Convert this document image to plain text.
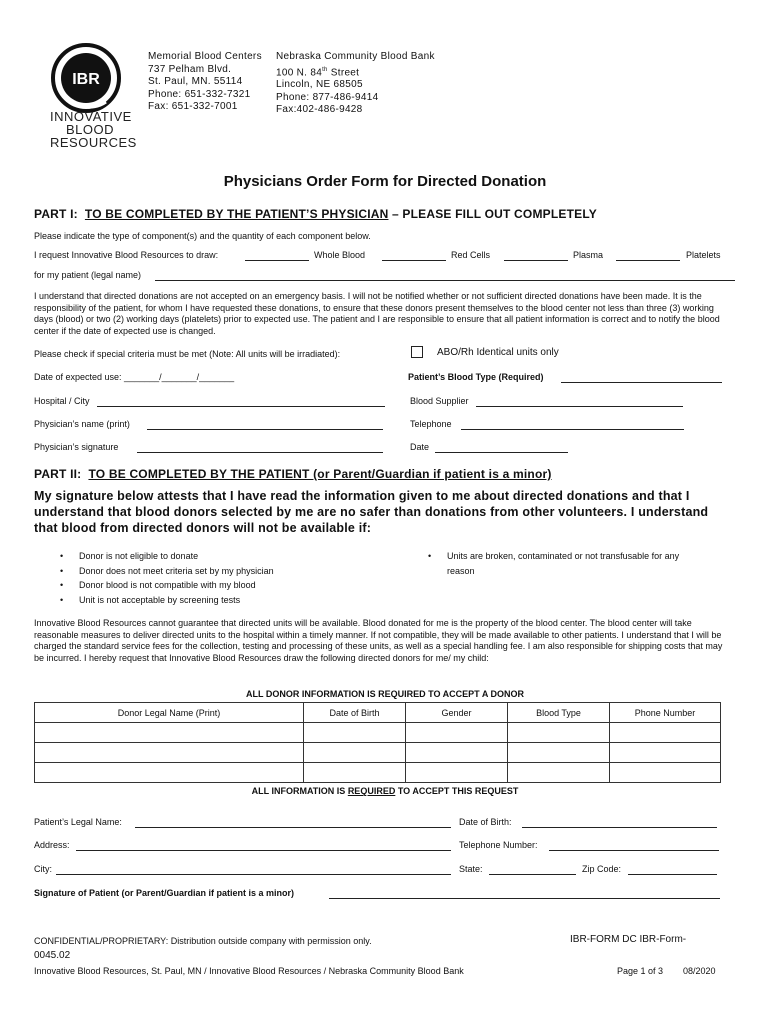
IBR
INNOVATIVE
BLOOD
RESOURCES
Memorial Blood Centers
737 Pelham Blvd.
St. Paul, MN. 55114
Phone: 651-332-7321
Fax: 651-332-7001
Nebraska Community Blood Bank
100 N. 84th Street
Lincoln, NE 68505
Phone: 877-486-9414
Fax:402-486-9428
Physicians Order Form for Directed Donation
PART I: TO BE COMPLETED BY THE PATIENT’S PHYSICIAN – PLEASE FILL OUT COMPLETELY
Please indicate the type of component(s) and the quantity of each component below.
I request Innovative Blood Resources to draw:	Whole Blood	Red Cells	Plasma	Platelets
for my patient (legal name)
I understand that directed donations are not accepted on an emergency basis. I will not be notified whether or not sufficient directed donations have been made. It is the responsibility of the patient, for whom I have requested these donations, to ensure that these donors present themselves to the blood center not less than three (3) working days (blood) or two (2) working days (platelets) prior to expected use. The patient and I are responsible to ensure that all patient information is correct and to notify the blood center if the date of expected use is changed.
Please check if special criteria must be met (Note: All units will be irradiated):	ABO/Rh Identical units only
Date of expected use: _______/_______/_______	Patient’s Blood Type (Required)
Hospital / City	Blood Supplier
Physician’s name (print)	Telephone
Physician’s signature	Date
PART II: TO BE COMPLETED BY THE PATIENT (or Parent/Guardian if patient is a minor)
My signature below attests that I have read the information given to me about directed donations and that I understand that blood donors selected by me are no safer than donations from other volunteers. I understand that blood from directed donors will not be available if:
• Donor is not eligible to donate
• Donor does not meet criteria set by my physician
• Donor blood is not compatible with my blood
• Unit is not acceptable by screening tests
• Units are broken, contaminated or not transfusable for any
reason
Innovative Blood Resources cannot guarantee that directed units will be available. Blood donated for me is the property of the blood center. The blood center will take reasonable measures to deliver directed units to the hospital within a timely manner. If not compatible, they will be made available to other patients. I understand that I will be charged the standard service fees for the collection, testing and processing of these units, as well as a special handling fee. I am also responsible for shipping costs that may be incurred. I hereby request that Innovative Blood Resources draw the following directed donors for me/ my child:
ALL DONOR INFORMATION IS REQUIRED TO ACCEPT A DONOR
Donor Legal Name (Print)	Date of Birth	Gender	Blood Type	Phone Number

ALL INFORMATION IS REQUIRED TO ACCEPT THIS REQUEST
Patient’s Legal Name:	Date of Birth:
Address:	Telephone Number:
City:	State:	Zip Code:
Signature of Patient (or Parent/Guardian if patient is a minor)
CONFIDENTIAL/PROPRIETARY: Distribution outside company with permission only.	IBR-FORM DC IBR-Form-
0045.02
Innovative Blood Resources, St. Paul, MN / Innovative Blood Resources / Nebraska Community Blood Bank	Page 1 of 3 08/2020
